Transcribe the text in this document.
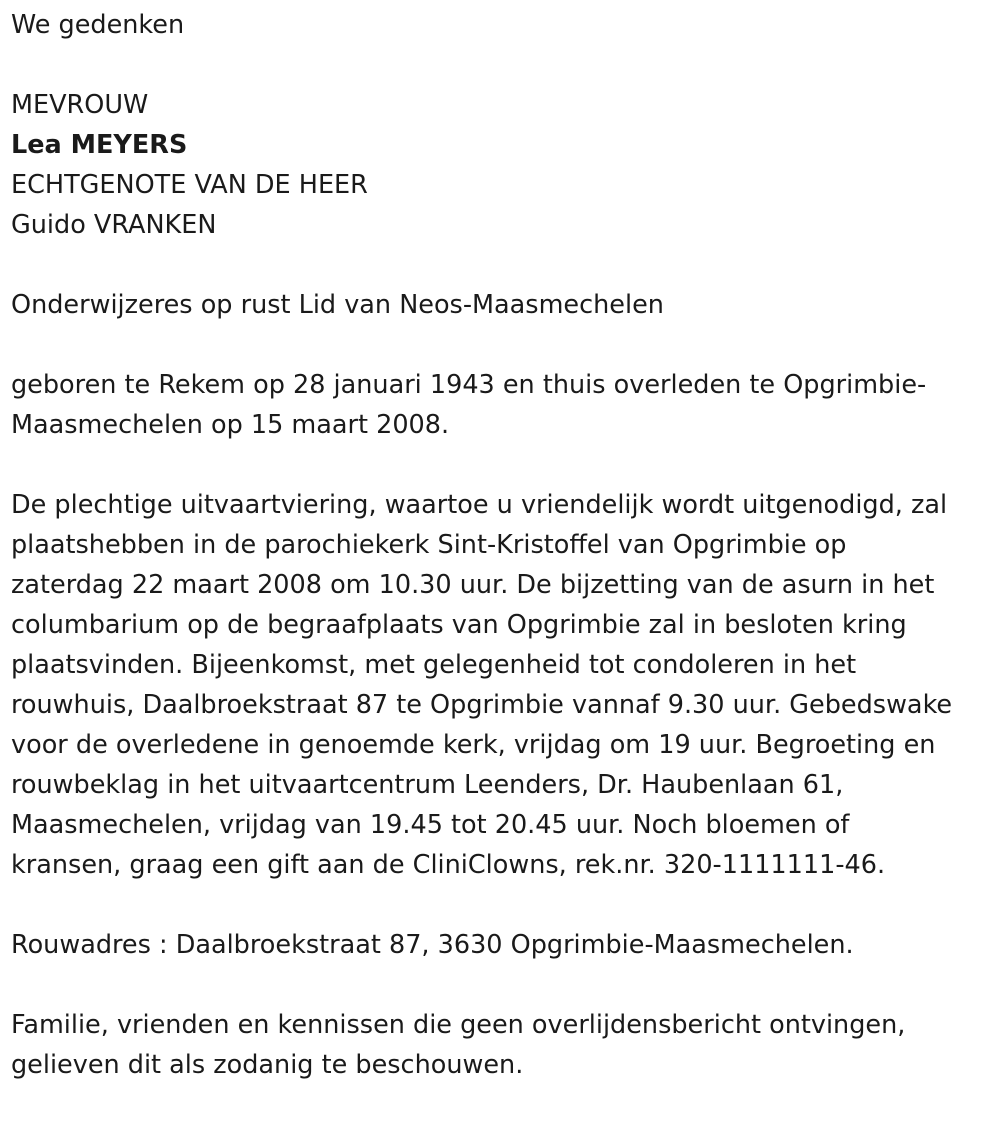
We gedenken
MEVROUW
Lea MEYERS
ECHTGENOTE VAN DE HEER
Guido VRANKEN
Onderwijzeres op rust Lid van Neos-Maasmechelen
geboren te Rekem op 28 januari 1943 en thuis overleden te Opgrimbie-
Maasmechelen op 15 maart 2008.
De plechtige uitvaartviering, waartoe u vriendelijk wordt uitgenodigd, zal
plaatshebben in de parochiekerk Sint-Kristoffel van Opgrimbie op
zaterdag 22 maart 2008 om 10.30 uur. De bijzetting van de asurn in het
columbarium op de begraafplaats van Opgrimbie zal in besloten kring
plaatsvinden. Bijeenkomst, met gelegenheid tot condoleren in het
rouwhuis, Daalbroekstraat 87 te Opgrimbie vannaf 9.30 uur. Gebedswake
voor de overledene in genoemde kerk, vrijdag om 19 uur. Begroeting en
rouwbeklag in het uitvaartcentrum Leenders, Dr. Haubenlaan 61,
Maasmechelen, vrijdag van 19.45 tot 20.45 uur. Noch bloemen of
kransen, graag een gift aan de CliniClowns, rek.nr. 320-1111111-46.
Rouwadres : Daalbroekstraat 87, 3630 Opgrimbie-Maasmechelen.
Familie, vrienden en kennissen die geen overlijdensbericht ontvingen,
gelieven dit als zodanig te beschouwen.
